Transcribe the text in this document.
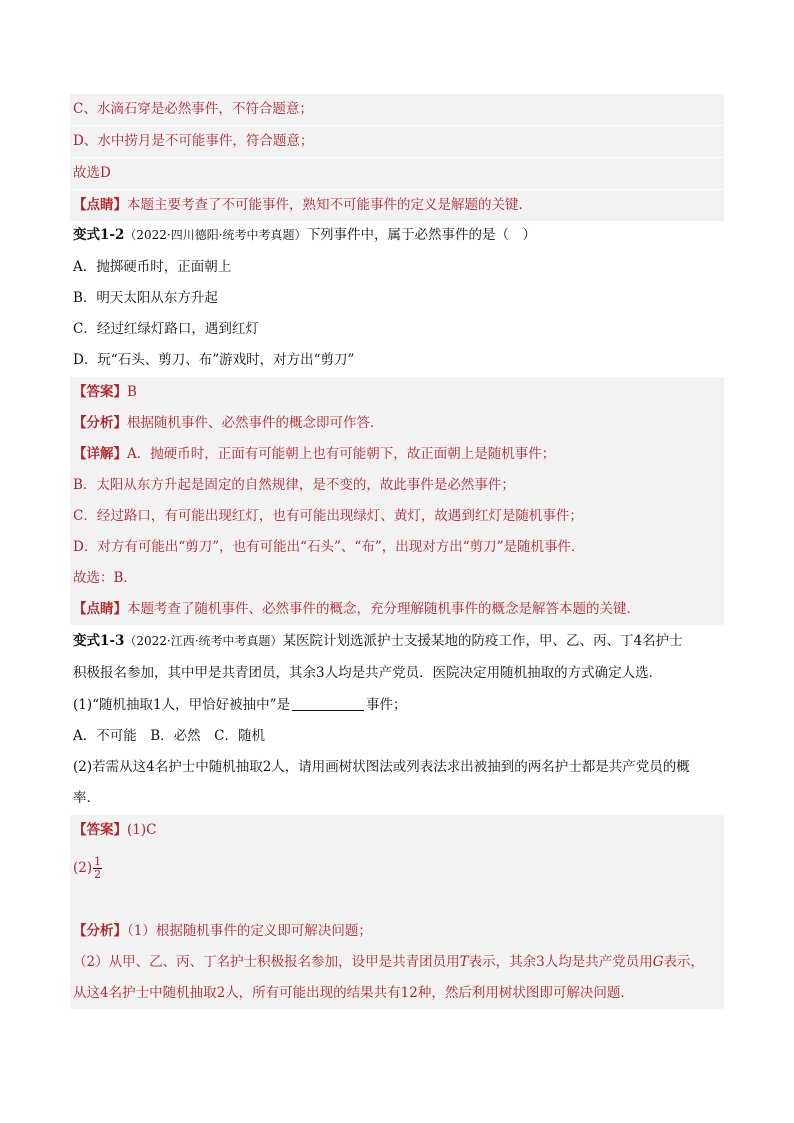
C、水滴石穿是必然事件，不符合题意；
D、水中捞月是不可能事件，符合题意；
故选D
【点睛】本题主要考查了不可能事件，熟知不可能事件的定义是解题的关键．
变式1-2（2022·四川德阳·统考中考真题）下列事件中，属于必然事件的是（　）
A．抛掷硬币时，正面朝上
B．明天太阳从东方升起
C．经过红绿灯路口，遇到红灯
D．玩“石头、剪刀、布”游戏时，对方出“剪刀”
【答案】B
【分析】根据随机事件、必然事件的概念即可作答．
【详解】A．抛硬币时，正面有可能朝上也有可能朝下，故正面朝上是随机事件；
B．太阳从东方升起是固定的自然规律，是不变的，故此事件是必然事件；
C．经过路口，有可能出现红灯，也有可能出现绿灯、黄灯，故遇到红灯是随机事件；
D．对方有可能出“剪刀”，也有可能出“石头”、“布”，出现对方出“剪刀”是随机事件．
故选：B．
【点睛】本题考查了随机事件、必然事件的概念，充分理解随机事件的概念是解答本题的关键．
变式1-3（2022·江西·统考中考真题）某医院计划选派护士支援某地的防疫工作，甲、乙、丙、丁4名护士
积极报名参加，其中甲是共青团员，其余3人均是共产党员．医院决定用随机抽取的方式确定人选．
(1)“随机抽取1人，甲恰好被抽中”是	事件；
A．不可能　B．必然　C．随机
(2)若需从这4名护士中随机抽取2人，请用画树状图法或列表法求出被抽到的两名护士都是共产党员的概
率．
【答案】(1)C
$(2) \frac{1}{2}$
【分析】（1）根据随机事件的定义即可解决问题；
（2）从甲、乙、丙、丁名护士积极报名参加，设甲是共青团员用T表示，其余3人均是共产党员用G表示，
从这4名护士中随机抽取2人，所有可能出现的结果共有12种，然后利用树状图即可解决问题．
